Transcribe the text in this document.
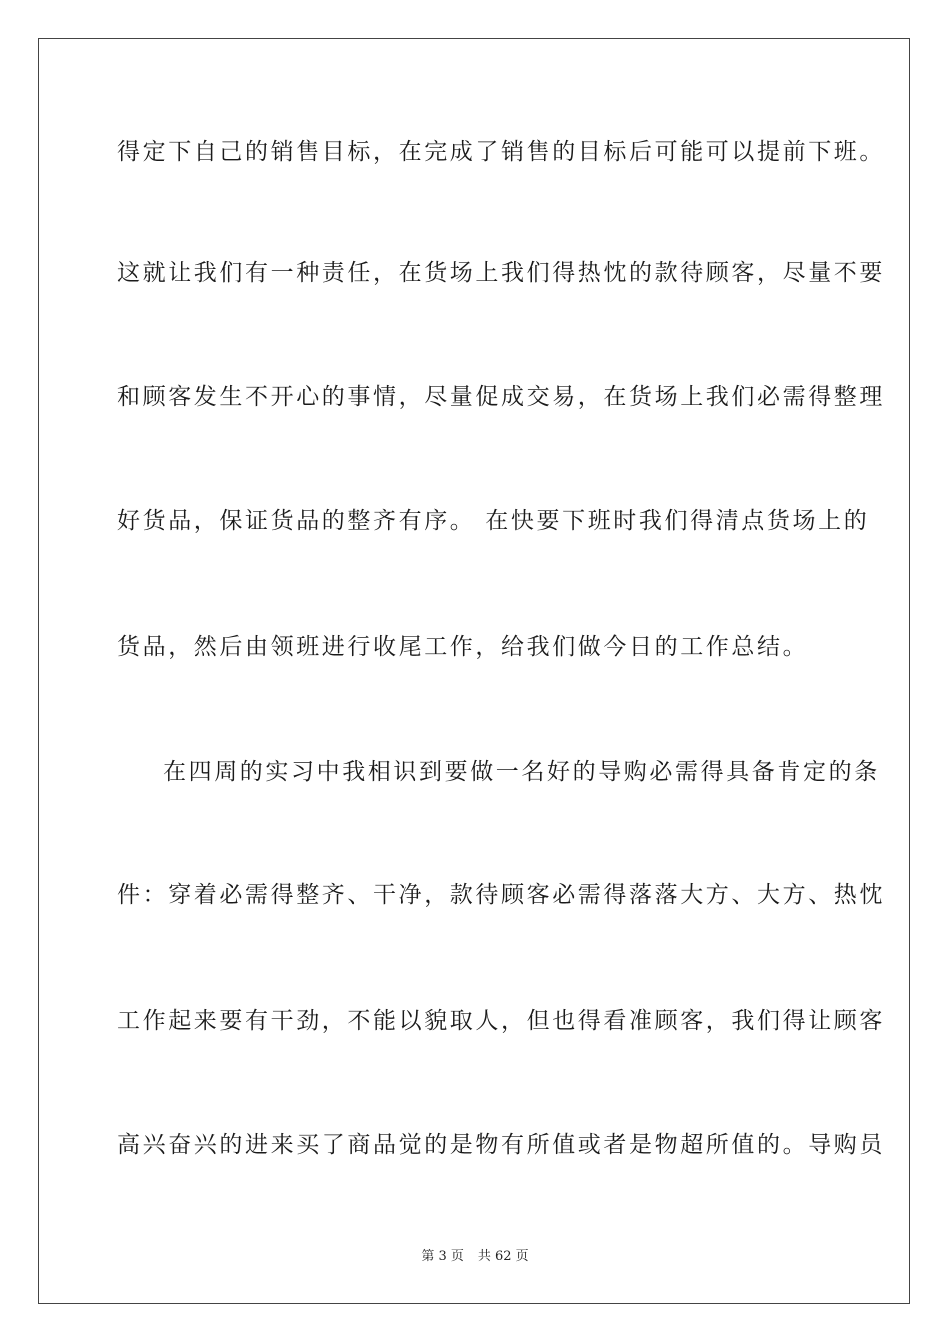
得定下自己的销售目标，在完成了销售的目标后可能可以提前下班。
这就让我们有一种责任，在货场上我们得热忱的款待顾客，尽量不要
和顾客发生不开心的事情，尽量促成交易，在货场上我们必需得整理
好货品，保证货品的整齐有序。 在快要下班时我们得清点货场上的
货品，然后由领班进行收尾工作，给我们做今日的工作总结。
在四周的实习中我相识到要做一名好的导购必需得具备肯定的条
件：穿着必需得整齐、干净，款待顾客必需得落落大方、大方、热忱
工作起来要有干劲，不能以貌取人，但也得看准顾客，我们得让顾客
高兴奋兴的进来买了商品觉的是物有所值或者是物超所值的。导购员
第 3 页 共 62 页
